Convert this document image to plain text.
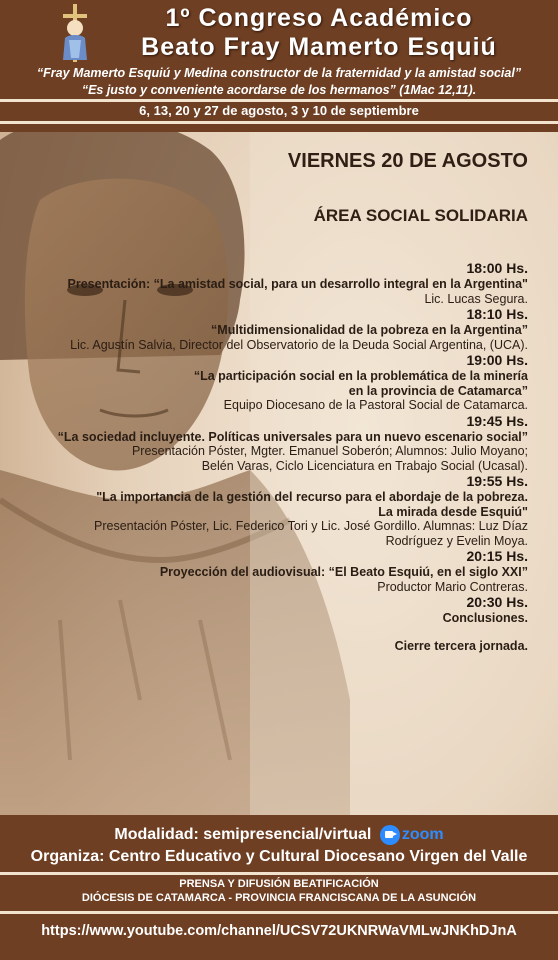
1º Congreso Académico
Beato Fray Mamerto Esquiú
“Fray Mamerto Esquiú y Medina constructor de la fraternidad y la amistad social”
“Es justo y conveniente acordarse de los hermanos” (1Mac 12,11).
6, 13, 20 y 27 de agosto, 3 y 10 de septiembre
VIERNES 20 DE AGOSTO
ÁREA SOCIAL SOLIDARIA
18:00 Hs.
Presentación: “La amistad social, para un desarrollo integral en la Argentina"
Lic. Lucas Segura.
18:10 Hs.
“Multidimensionalidad de la pobreza en la Argentina”
Lic. Agustín Salvia, Director del Observatorio de la Deuda Social Argentina, (UCA).
19:00 Hs.
“La participación social en la problemática de la minería
en la provincia de Catamarca”
Equipo Diocesano de la Pastoral Social de Catamarca.
19:45 Hs.
“La sociedad incluyente. Políticas universales para un nuevo escenario social”
Presentación Póster, Mgter. Emanuel Soberón; Alumnos: Julio Moyano;
Belén Varas, Ciclo Licenciatura en Trabajo Social (Ucasal).
19:55 Hs.
"La importancia de la gestión del recurso para el abordaje de la pobreza.
La mirada desde Esquiú"
Presentación Póster, Lic. Federico Tori y Lic. José Gordillo. Alumnas: Luz Díaz
Rodríguez y Evelin Moya.
20:15 Hs.
Proyección del audiovisual: “El Beato Esquiú, en el siglo XXI”
Productor Mario Contreras.
20:30 Hs.
Conclusiones.
Cierre tercera jornada.
Modalidad: semipresencial/virtual zoom
Organiza: Centro Educativo y Cultural Diocesano Virgen del Valle
PRENSA Y DIFUSIÓN BEATIFICACIÓN
DIÓCESIS DE CATAMARCA - PROVINCIA FRANCISCANA DE LA ASUNCIÓN
https://www.youtube.com/channel/UCSV72UKNRWaVMLwJNKhDJnA
